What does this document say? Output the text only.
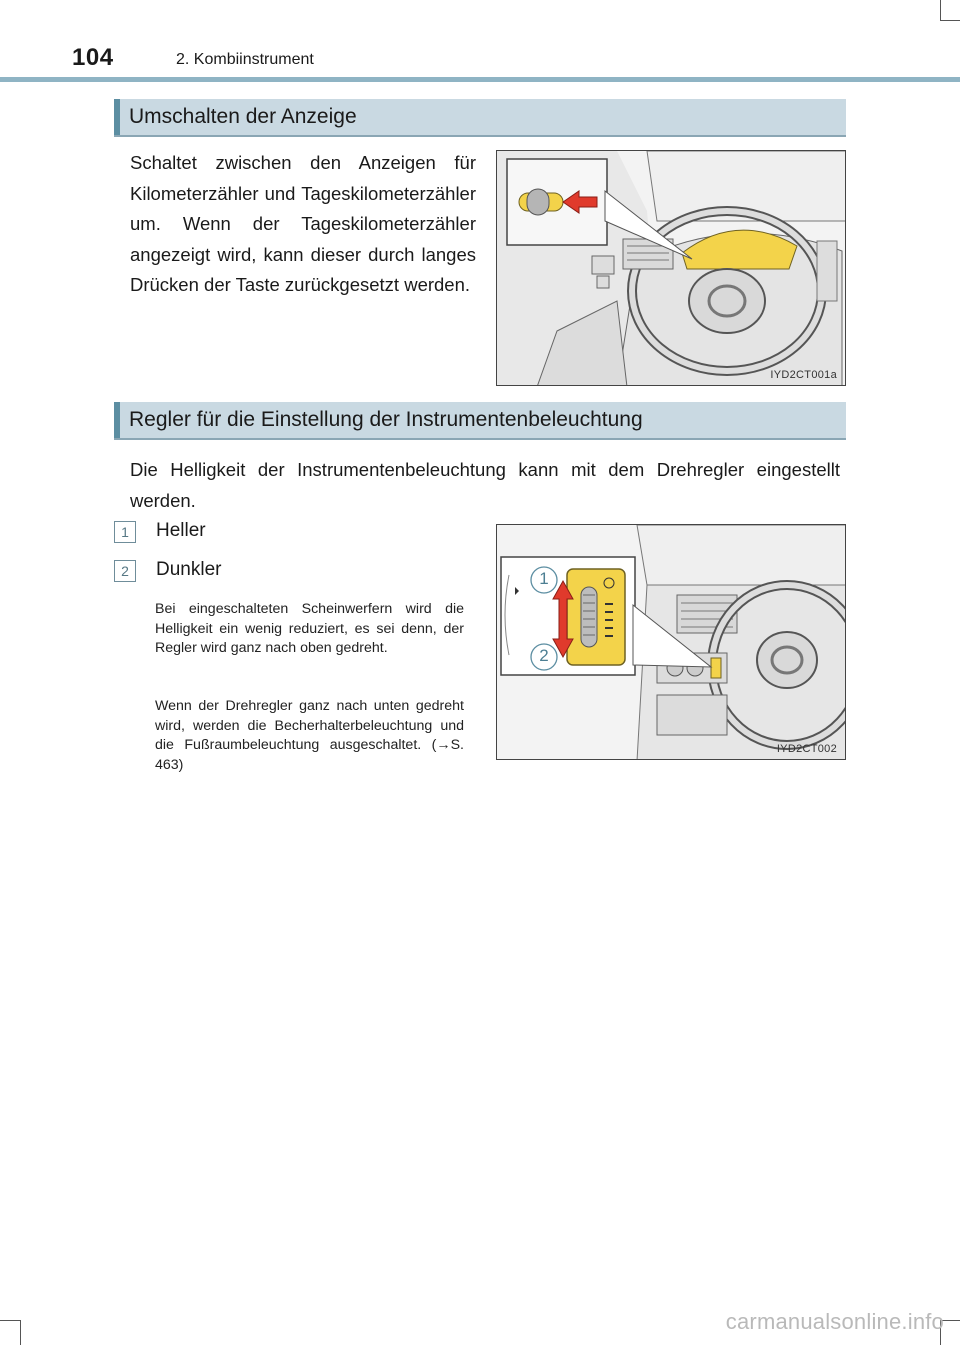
104	2. Kombiinstrument
Umschalten der Anzeige

Schaltet zwischen den Anzeigen für Kilometerzähler und Tageskilometerzähler um. Wenn der Tageskilometerzähler angezeigt wird, kann dieser durch langes Drücken der Taste zurückgesetzt werden.

IYD2CT001a
Regler für die Einstellung der Instrumentenbeleuchtung

Die Helligkeit der Instrumentenbeleuchtung kann mit dem Drehregler eingestellt werden.

1	Heller
2	Dunkler

Bei eingeschalteten Scheinwerfern wird die Helligkeit ein wenig reduziert, es sei denn, der Regler wird ganz nach oben gedreht.

Wenn der Drehregler ganz nach unten gedreht wird, werden die Becherhalterbeleuchtung und die Fußraumbeleuchtung ausgeschaltet. (→S. 463)

1
2
IYD2CT002
carmanualsonline.info
